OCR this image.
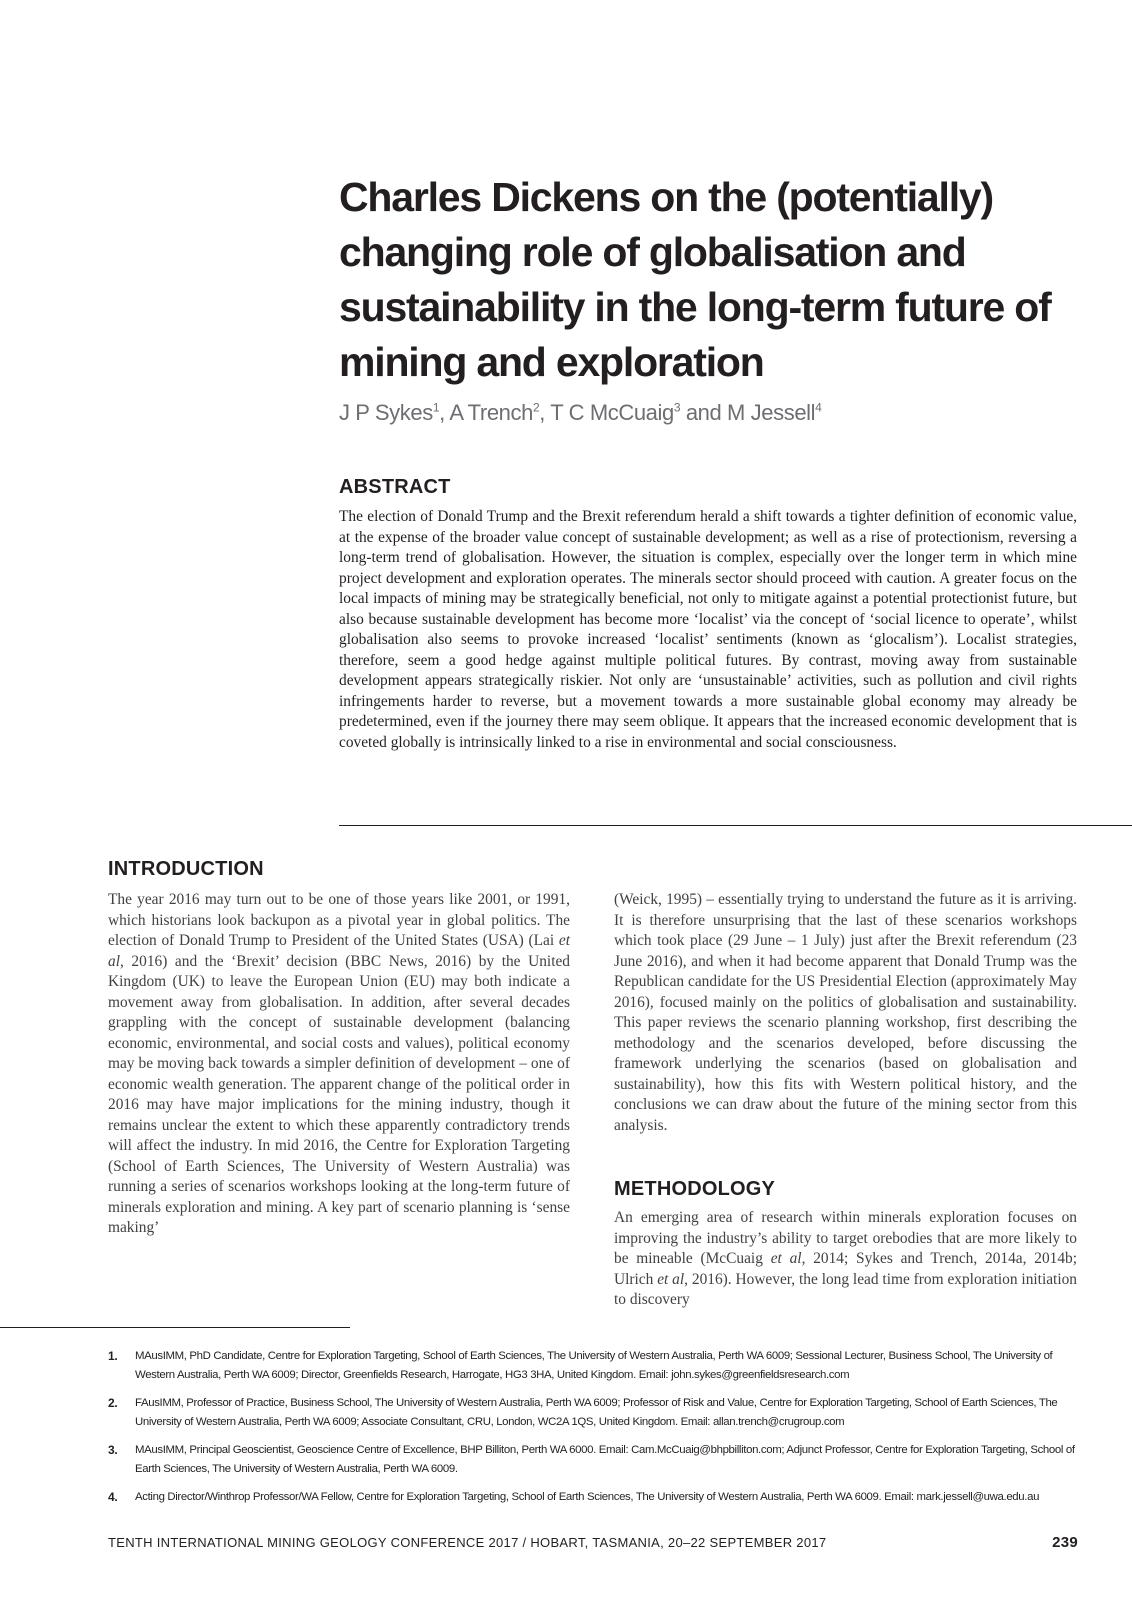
Charles Dickens on the (potentially) changing role of globalisation and sustainability in the long-term future of mining and exploration
J P Sykes$^1$, A Trench$^2$, T C McCuaig$^3$ and M Jessell$^4$
ABSTRACT

The election of Donald Trump and the Brexit referendum herald a shift towards a tighter definition of economic value, at the expense of the broader value concept of sustainable development; as well as a rise of protectionism, reversing a long-term trend of globalisation. However, the situation is complex, especially over the longer term in which mine project development and exploration operates. The minerals sector should proceed with caution. A greater focus on the local impacts of mining may be strategically beneficial, not only to mitigate against a potential protectionist future, but also because sustainable development has become more ‘localist’ via the concept of ‘social licence to operate’, whilst globalisation also seems to provoke increased ‘localist’ sentiments (known as ‘glocalism’). Localist strategies, therefore, seem a good hedge against multiple political futures. By contrast, moving away from sustainable development appears strategically riskier. Not only are ‘unsustainable’ activities, such as pollution and civil rights infringements harder to reverse, but a movement towards a more sustainable global economy may already be predetermined, even if the journey there may seem oblique. It appears that the increased economic development that is coveted globally is intrinsically linked to a rise in environmental and social consciousness.

INTRODUCTION

The year 2016 may turn out to be one of those years like 2001, or 1991, which historians look backupon as a pivotal year in global politics. The election of Donald Trump to President of the United States (USA) (Lai et al, 2016) and the ‘Brexit’ decision (BBC News, 2016) by the United Kingdom (UK) to leave the European Union (EU) may both indicate a movement away from globalisation. In addition, after several decades grappling with the concept of sustainable development (balancing economic, environmental, and social costs and values), political economy may be moving back towards a simpler definition of development – one of economic wealth generation. The apparent change of the political order in 2016 may have major implications for the mining industry, though it remains unclear the extent to which these apparently contradictory trends will affect the industry. In mid 2016, the Centre for Exploration Targeting (School of Earth Sciences, The University of Western Australia) was running a series of scenarios workshops looking at the long-term future of minerals exploration and mining. A key part of scenario planning is ‘sense making’

(Weick, 1995) – essentially trying to understand the future as it is arriving. It is therefore unsurprising that the last of these scenarios workshops which took place (29 June – 1 July) just after the Brexit referendum (23 June 2016), and when it had become apparent that Donald Trump was the Republican candidate for the US Presidential Election (approximately May 2016), focused mainly on the politics of globalisation and sustainability. This paper reviews the scenario planning workshop, first describing the methodology and the scenarios developed, before discussing the framework underlying the scenarios (based on globalisation and sustainability), how this fits with Western political history, and the conclusions we can draw about the future of the mining sector from this analysis.

METHODOLOGY

An emerging area of research within minerals exploration focuses on improving the industry’s ability to target orebodies that are more likely to be mineable (McCuaig et al, 2014; Sykes and Trench, 2014a, 2014b; Ulrich et al, 2016). However, the long lead time from exploration initiation to discovery

1. MAusIMM, PhD Candidate, Centre for Exploration Targeting, School of Earth Sciences, The University of Western Australia, Perth WA 6009; Sessional Lecturer, Business School, The University of Western Australia, Perth WA 6009; Director, Greenfields Research, Harrogate, HG3 3HA, United Kingdom. Email: john.sykes@greenfieldsresearch.com
2. FAusIMM, Professor of Practice, Business School, The University of Western Australia, Perth WA 6009; Professor of Risk and Value, Centre for Exploration Targeting, School of Earth Sciences, The University of Western Australia, Perth WA 6009; Associate Consultant, CRU, London, WC2A 1QS, United Kingdom. Email: allan.trench@crugroup.com
3. MAusIMM, Principal Geoscientist, Geoscience Centre of Excellence, BHP Billiton, Perth WA 6000. Email: Cam.McCuaig@bhpbilliton.com; Adjunct Professor, Centre for Exploration Targeting, School of Earth Sciences, The University of Western Australia, Perth WA 6009.
4. Acting Director/Winthrop Professor/WA Fellow, Centre for Exploration Targeting, School of Earth Sciences, The University of Western Australia, Perth WA 6009. Email: mark.jessell@uwa.edu.au
TENTH INTERNATIONAL MINING GEOLOGY CONFERENCE 2017 / HOBART, TASMANIA, 20–22 SEPTEMBER 2017	239
